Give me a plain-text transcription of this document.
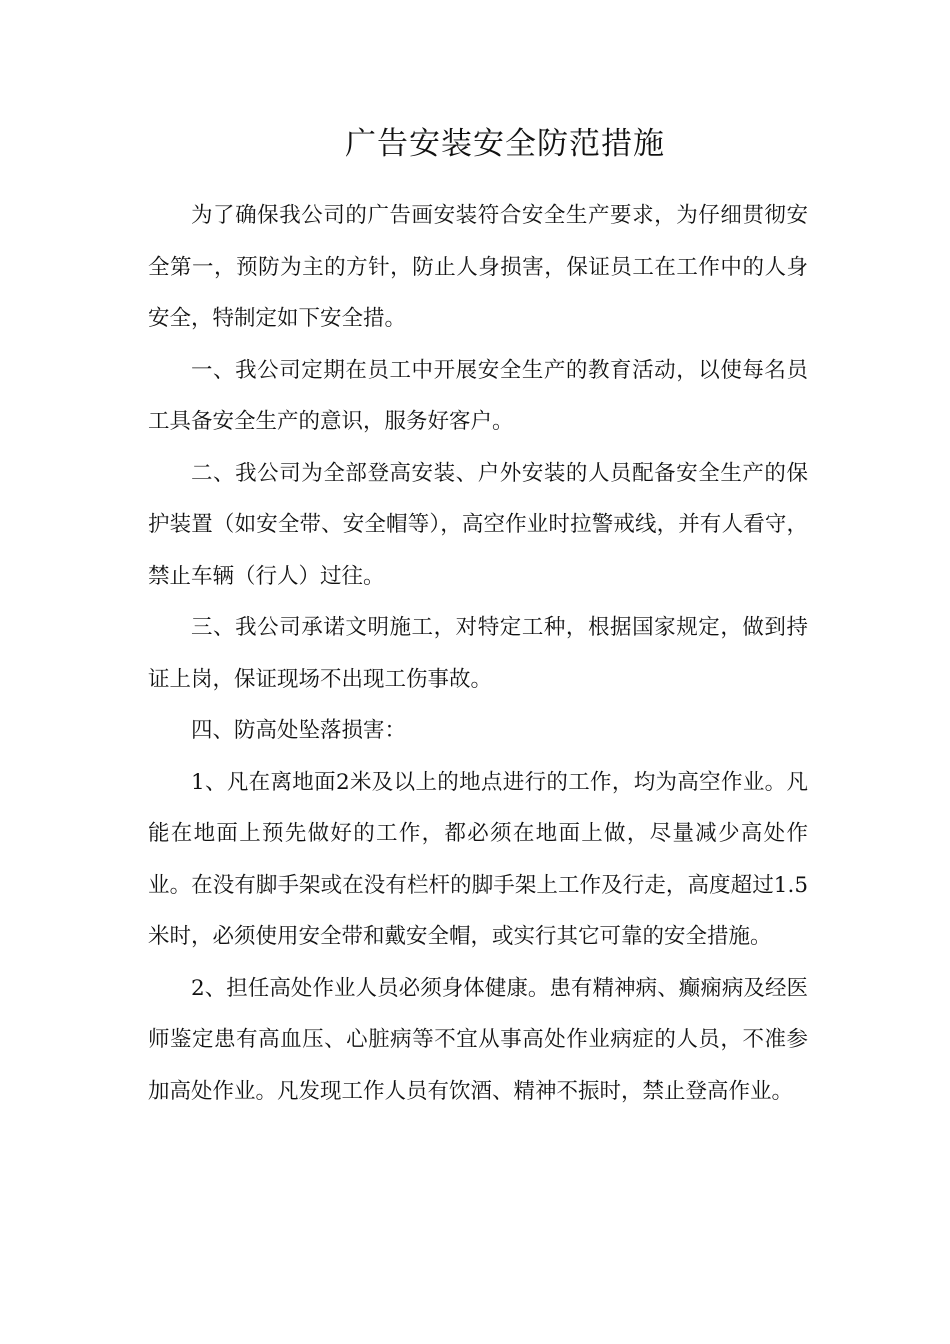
广告安装安全防范措施

为了确保我公司的广告画安装符合安全生产要求，为仔细贯彻安全第一，预防为主的方针，防止人身损害，保证员工在工作中的人身安全，特制定如下安全措。

一、我公司定期在员工中开展安全生产的教育活动，以使每名员工具备安全生产的意识，服务好客户。

二、我公司为全部登高安装、户外安装的人员配备安全生产的保护装置（如安全带、安全帽等），高空作业时拉警戒线，并有人看守，禁止车辆（行人）过往。

三、我公司承诺文明施工，对特定工种，根据国家规定，做到持证上岗，保证现场不出现工伤事故。

四、防高处坠落损害：

1、凡在离地面2米及以上的地点进行的工作，均为高空作业。凡能在地面上预先做好的工作，都必须在地面上做，尽量减少高处作业。在没有脚手架或在没有栏杆的脚手架上工作及行走，高度超过1.5米时，必须使用安全带和戴安全帽，或实行其它可靠的安全措施。

2、担任高处作业人员必须身体健康。患有精神病、癫痫病及经医师鉴定患有高血压、心脏病等不宜从事高处作业病症的人员，不准参加高处作业。凡发现工作人员有饮酒、精神不振时，禁止登高作业。
